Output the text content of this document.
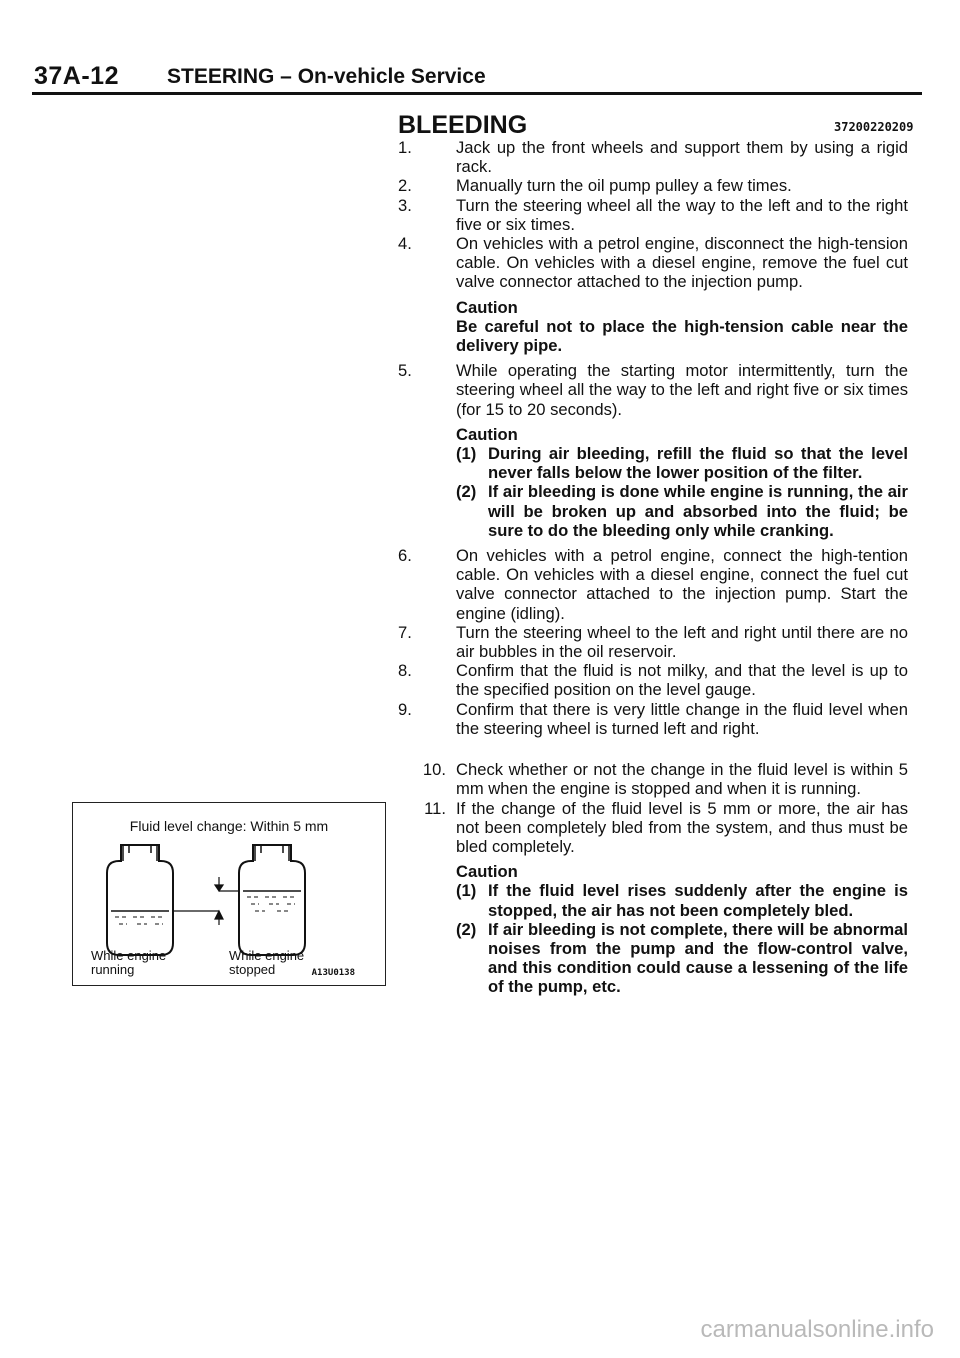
37A-12 STEERING – On-vehicle Service
BLEEDING	37200220209
1.	Jack up the front wheels and support them by using a rigid rack.
2.	Manually turn the oil pump pulley a few times.
3.	Turn the steering wheel all the way to the left and to the right five or six times.
4.	On vehicles with a petrol engine, disconnect the high-tension cable. On vehicles with a diesel engine, remove the fuel cut valve connector attached to the injection pump.
Caution
Be careful not to place the high-tension cable near the delivery pipe.
5.	While operating the starting motor intermittently, turn the steering wheel all the way to the left and right five or six times (for 15 to 20 seconds).
Caution
(1) During air bleeding, refill the fluid so that the level never falls below the lower position of the filter.
(2) If air bleeding is done while engine is running, the air will be broken up and absorbed into the fluid; be sure to do the bleeding only while cranking.
6.	On vehicles with a petrol engine, connect the high-tention cable. On vehicles with a diesel engine, connect the fuel cut valve connector attached to the injection pump. Start the engine (idling).
7.	Turn the steering wheel to the left and right until there are no air bubbles in the oil reservoir.
8.	Confirm that the fluid is not milky, and that the level is up to the specified position on the level gauge.
9.	Confirm that there is very little change in the fluid level when the steering wheel is turned left and right.
10. Check whether or not the change in the fluid level is within 5 mm when the engine is stopped and when it is running.
11. If the change of the fluid level is 5 mm or more, the air has not been completely bled from the system, and thus must be bled completely.
Caution
(1) If the fluid level rises suddenly after the engine is stopped, the air has not been completely bled.
(2) If air bleeding is not complete, there will be abnormal noises from the pump and the flow-control valve, and this condition could cause a lessening of the life of the pump, etc.
Fluid level change: Within 5 mm
While engine
running
While engine
stopped	A13U0138
carmanualsonline.info
